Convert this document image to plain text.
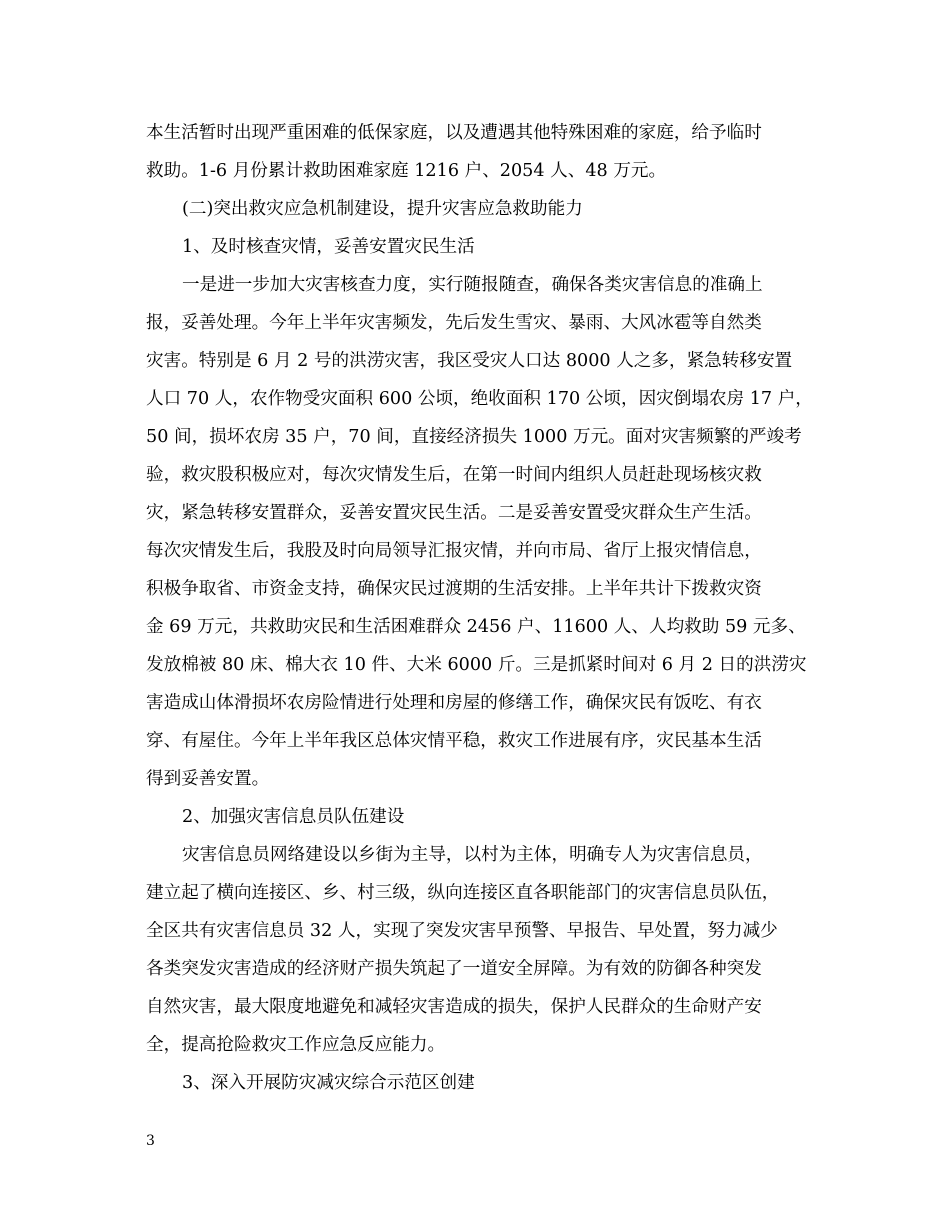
本生活暂时出现严重困难的低保家庭，以及遭遇其他特殊困难的家庭，给予临时
救助。1-6 月份累计救助困难家庭 1216 户、2054 人、48 万元。
(二)突出救灾应急机制建设，提升灾害应急救助能力
1、及时核查灾情，妥善安置灾民生活
一是进一步加大灾害核查力度，实行随报随查，确保各类灾害信息的准确上
报，妥善处理。今年上半年灾害频发，先后发生雪灾、暴雨、大风冰雹等自然类
灾害。特别是 6 月 2 号的洪涝灾害，我区受灾人口达 8000 人之多，紧急转移安置
人口 70 人，农作物受灾面积 600 公顷，绝收面积 170 公顷，因灾倒塌农房 17 户，
50 间，损坏农房 35 户，70 间，直接经济损失 1000 万元。面对灾害频繁的严竣考
验，救灾股积极应对，每次灾情发生后，在第一时间内组织人员赶赴现场核灾救
灾，紧急转移安置群众，妥善安置灾民生活。二是妥善安置受灾群众生产生活。
每次灾情发生后，我股及时向局领导汇报灾情，并向市局、省厅上报灾情信息，
积极争取省、市资金支持，确保灾民过渡期的生活安排。上半年共计下拨救灾资
金 69 万元，共救助灾民和生活困难群众 2456 户、11600 人、人均救助 59 元多、
发放棉被 80 床、棉大衣 10 件、大米 6000 斤。三是抓紧时间对 6 月 2 日的洪涝灾
害造成山体滑损坏农房险情进行处理和房屋的修缮工作，确保灾民有饭吃、有衣
穿、有屋住。今年上半年我区总体灾情平稳，救灾工作进展有序，灾民基本生活
得到妥善安置。
2、加强灾害信息员队伍建设
灾害信息员网络建设以乡街为主导，以村为主体，明确专人为灾害信息员，
建立起了横向连接区、乡、村三级，纵向连接区直各职能部门的灾害信息员队伍，
全区共有灾害信息员 32 人，实现了突发灾害早预警、早报告、早处置，努力减少
各类突发灾害造成的经济财产损失筑起了一道安全屏障。为有效的防御各种突发
自然灾害，最大限度地避免和减轻灾害造成的损失，保护人民群众的生命财产安
全，提高抢险救灾工作应急反应能力。
3、深入开展防灾减灾综合示范区创建
3
